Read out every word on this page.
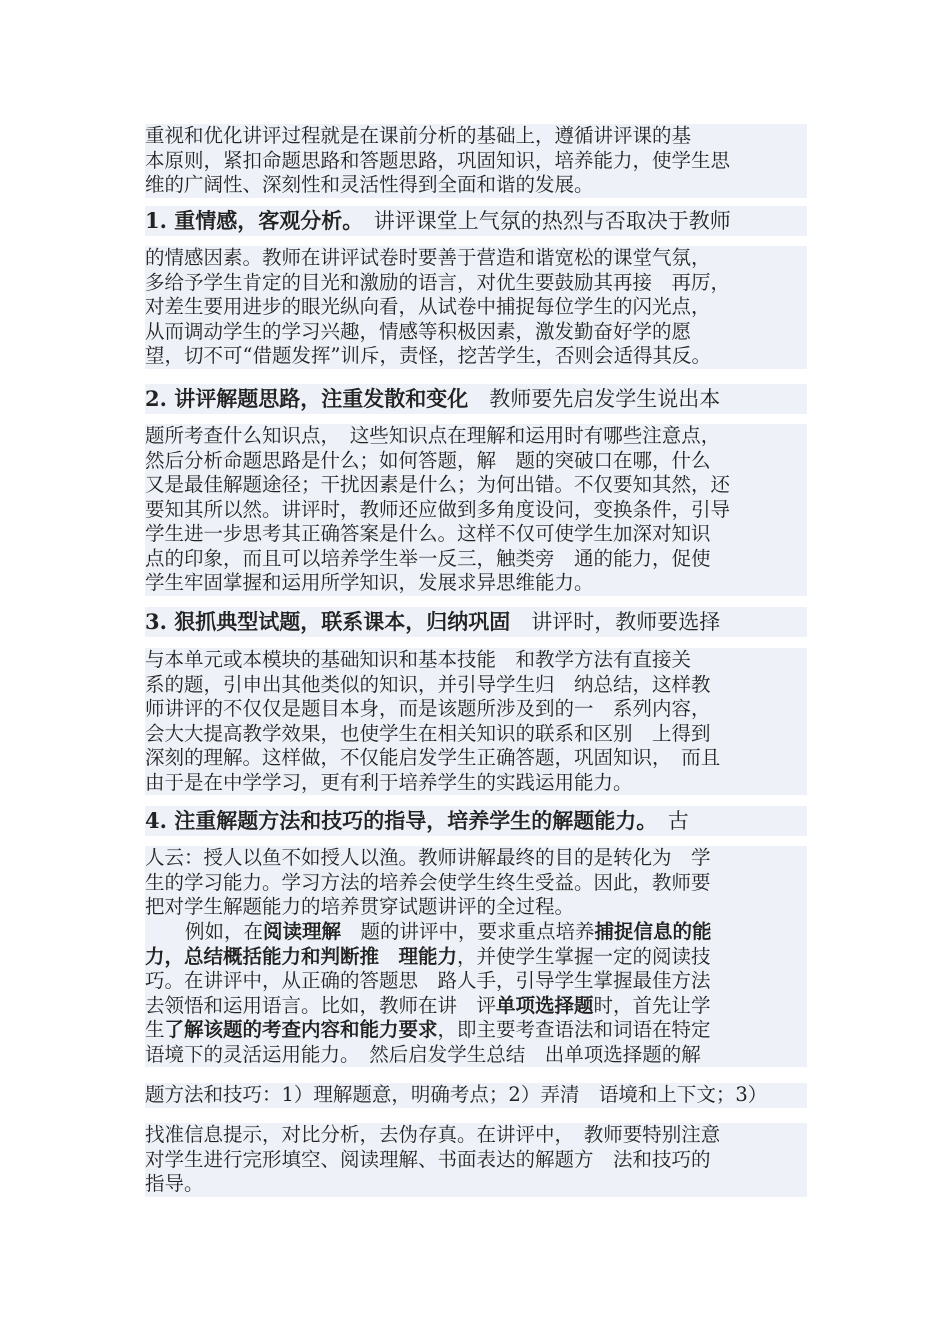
重视和优化讲评过程就是在课前分析的基础上，遵循讲评课的基
本原则，紧扣命题思路和答题思路，巩固知识，培养能力，使学生思
维的广阔性、深刻性和灵活性得到全面和谐的发展。
1. 重情感，客观分析。　讲评课堂上气氛的热烈与否取决于教师
的情感因素。教师在讲评试卷时要善于营造和谐宽松的课堂气氛，
多给予学生肯定的目光和激励的语言，对优生要鼓励其再接　再厉，
对差生要用进步的眼光纵向看，从试卷中捕捉每位学生的闪光点，
从而调动学生的学习兴趣，情感等积极因素，激发勤奋好学的愿
望，切不可“借题发挥”训斥，责怪，挖苦学生，否则会适得其反。
2. 讲评解题思路，注重发散和变化　教师要先启发学生说出本
题所考查什么知识点，　这些知识点在理解和运用时有哪些注意点，
然后分析命题思路是什么；如何答题，解　题的突破口在哪，什么
又是最佳解题途径；干扰因素是什么；为何出错。不仅要知其然，还
要知其所以然。讲评时，教师还应做到多角度设问，变换条件，引导
学生进一步思考其正确答案是什么。这样不仅可使学生加深对知识
点的印象，而且可以培养学生举一反三，触类旁　通的能力，促使
学生牢固掌握和运用所学知识，发展求异思维能力。
3. 狠抓典型试题，联系课本，归纳巩固　讲评时，教师要选择
与本单元或本模块的基础知识和基本技能　和教学方法有直接关
系的题，引申出其他类似的知识，并引导学生归　纳总结，这样教
师讲评的不仅仅是题目本身，而是该题所涉及到的一　系列内容，
会大大提高教学效果，也使学生在相关知识的联系和区别　上得到
深刻的理解。这样做，不仅能启发学生正确答题，巩固知识，　而且
由于是在中学学习，更有利于培养学生的实践运用能力。
4. 注重解题方法和技巧的指导，培养学生的解题能力。　古
人云：授人以鱼不如授人以渔。教师讲解最终的目的是转化为　学
生的学习能力。学习方法的培养会使学生终生受益。因此，教师要
把对学生解题能力的培养贯穿试题讲评的全过程。
例如，在阅读理解　题的讲评中，要求重点培养捕捉信息的能
力，总结概括能力和判断推　理能力，并使学生掌握一定的阅读技
巧。在讲评中，从正确的答题思　路人手，引导学生掌握最佳方法
去领悟和运用语言。比如，教师在讲　评单项选择题时，首先让学
生了解该题的考查内容和能力要求，即主要考查语法和词语在特定
语境下的灵活运用能力。　然后启发学生总结　出单项选择题的解
题方法和技巧：1）理解题意，明确考点；2）弄清　语境和上下文；3）
找准信息提示，对比分析，去伪存真。在讲评中，　教师要特别注意
对学生进行完形填空、阅读理解、书面表达的解题方　法和技巧的
指导。
